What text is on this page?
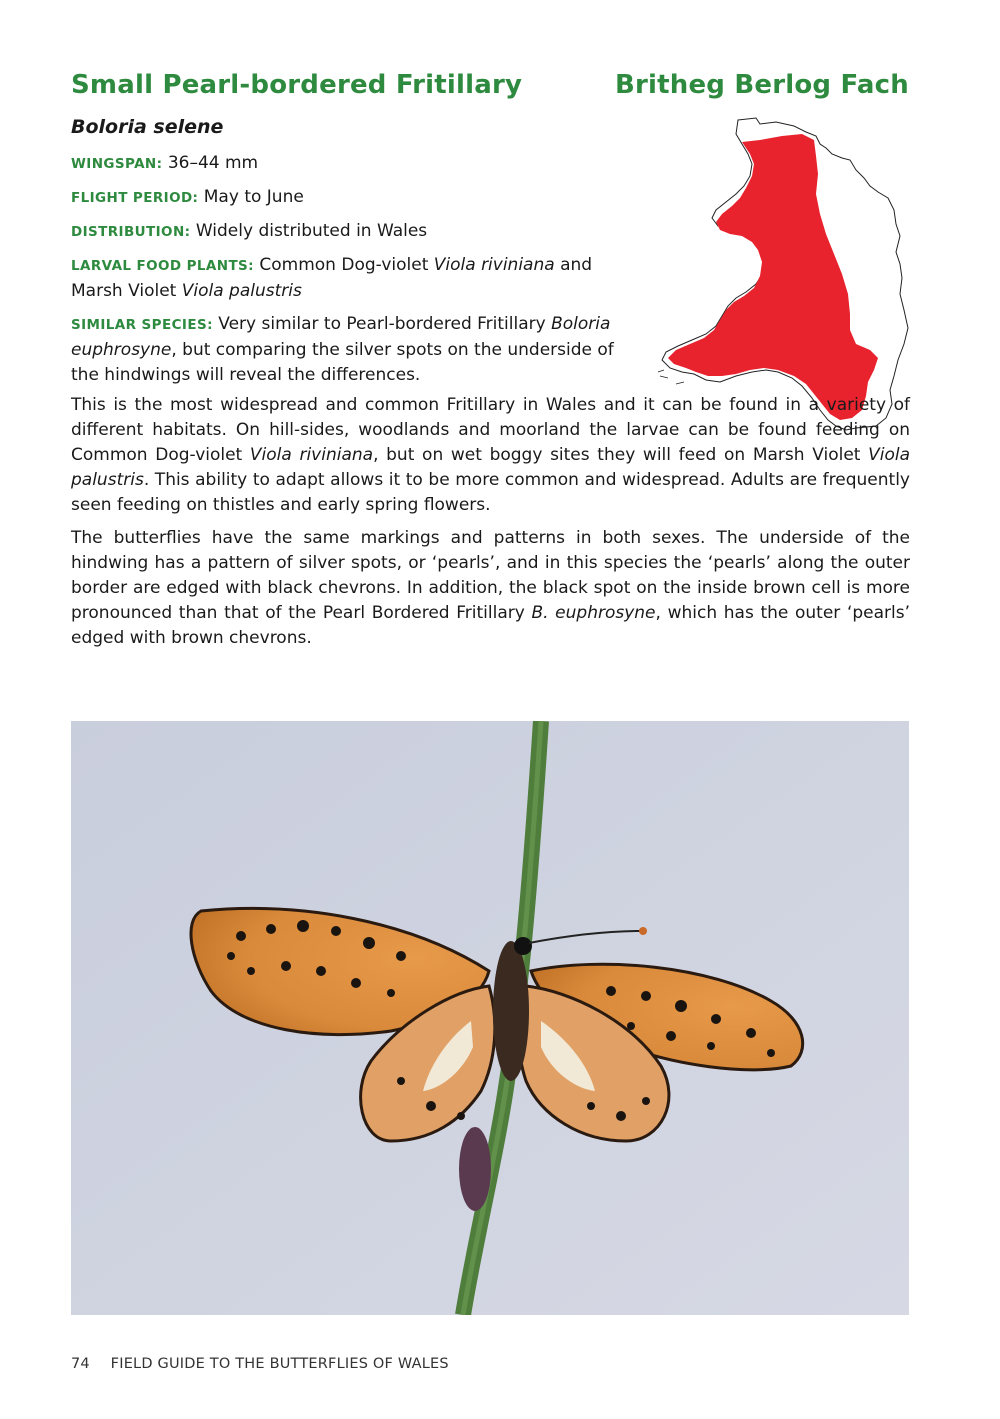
Small Pearl-bordered Fritillary	Britheg Berlog Fach
Boloria selene

WINGSPAN: 36–44 mm

FLIGHT PERIOD: May to June

DISTRIBUTION: Widely distributed in Wales

LARVAL FOOD PLANTS: Common Dog-violet Viola riviniana and Marsh Violet Viola palustris

SIMILAR SPECIES: Very similar to Pearl-bordered Fritillary Boloria euphrosyne, but comparing the silver spots on the underside of the hindwings will reveal the differences.

This is the most widespread and common Fritillary in Wales and it can be found in a variety of different habitats. On hill-sides, woodlands and moorland the larvae can be found feeding on Common Dog-violet Viola riviniana, but on wet boggy sites they will feed on Marsh Violet Viola palustris. This ability to adapt allows it to be more common and widespread. Adults are frequently seen feeding on thistles and early spring flowers.

The butterflies have the same markings and patterns in both sexes. The underside of the hindwing has a pattern of silver spots, or ‘pearls’, and in this species the ‘pearls’ along the outer border are edged with black chevrons. In addition, the black spot on the inside brown cell is more pronounced than that of the Pearl Bordered Fritillary B. euphrosyne, which has the outer ‘pearls’ edged with brown chevrons.

74 FIELD GUIDE TO THE BUTTERFLIES OF WALES
